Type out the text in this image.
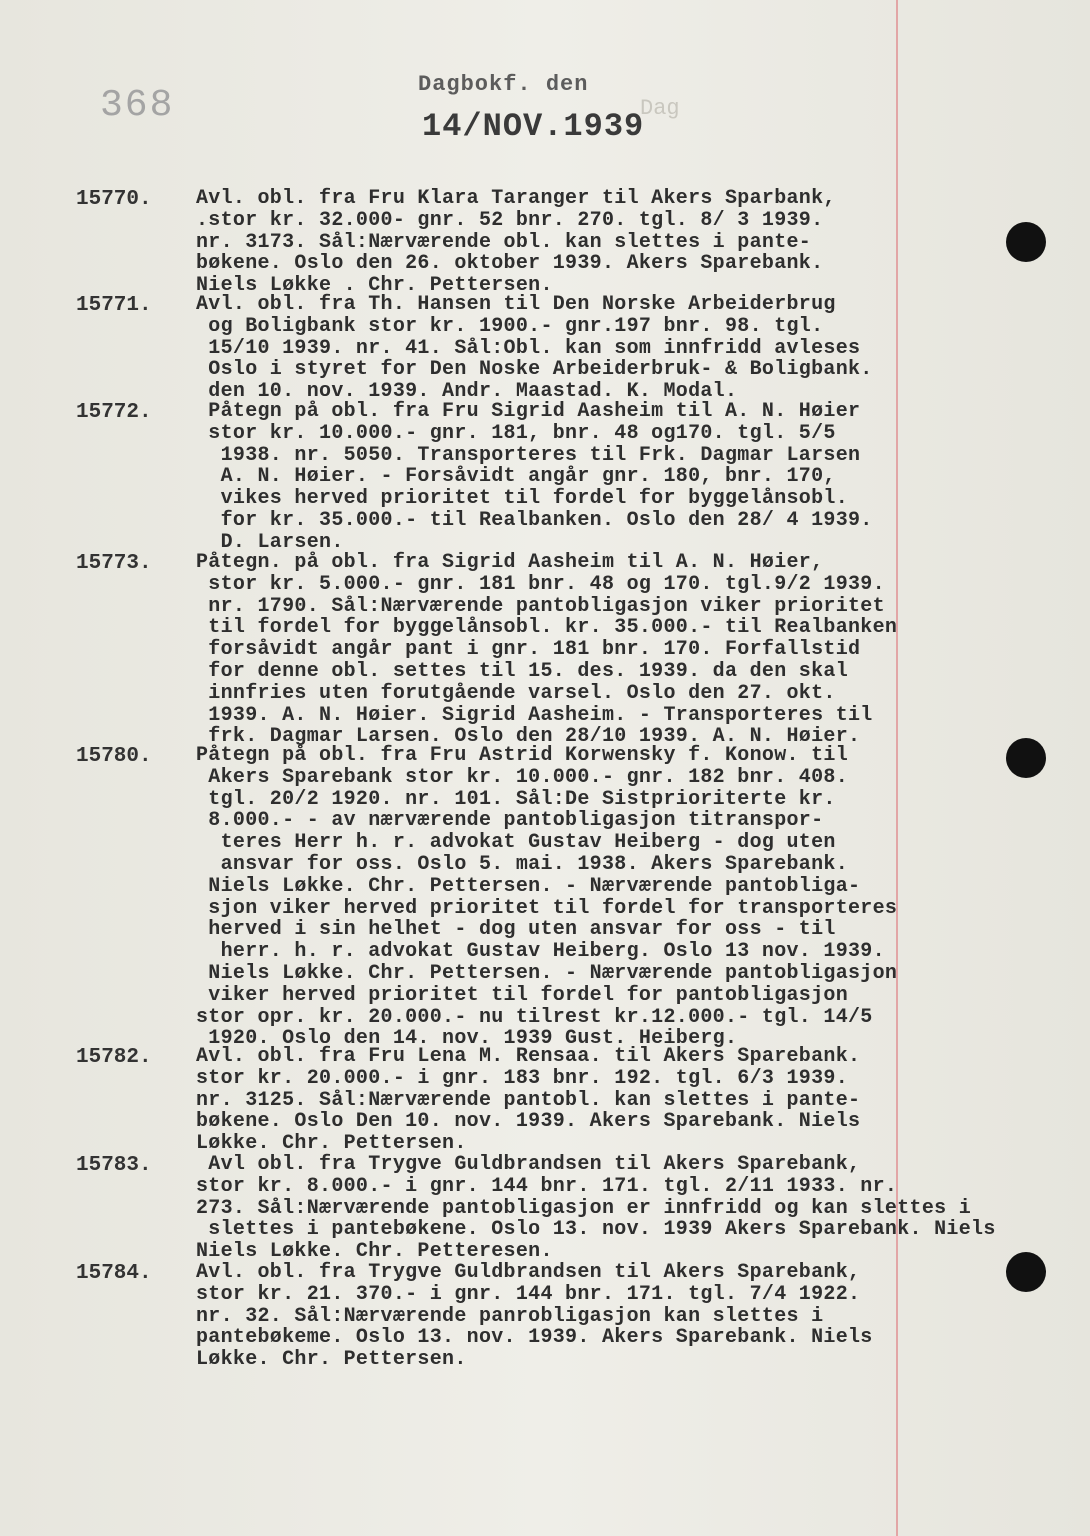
368	Dagbokf. den
14/NOV.1939
Dag
15770. Avl. obl. fra Fru Klara Taranger til Akers Sparbank,
.stor kr. 32.000- gnr. 52 bnr. 270. tgl. 8/ 3 1939.
nr. 3173. Sål:Nærværende obl. kan slettes i pante-
bøkene. Oslo den 26. oktober 1939. Akers Sparebank.
Niels Løkke . Chr. Pettersen.
15771. Avl. obl. fra Th. Hansen til Den Norske Arbeiderbrug
og Boligbank stor kr. 1900.- gnr.197 bnr. 98. tgl.
15/10 1939. nr. 41. Sål:Obl. kan som innfridd avleses
Oslo i styret for Den Noske Arbeiderbruk- & Boligbank.
den 10. nov. 1939. Andr. Maastad. K. Modal.
15772. Påtegn på obl. fra Fru Sigrid Aasheim til A. N. Høier
stor kr. 10.000.- gnr. 181, bnr. 48 og170. tgl. 5/5
1938. nr. 5050. Transporteres til Frk. Dagmar Larsen
A. N. Høier. - Forsåvidt angår gnr. 180, bnr. 170,
vikes herved prioritet til fordel for byggelånsobl.
for kr. 35.000.- til Realbanken. Oslo den 28/ 4 1939.
D. Larsen.
15773. Påtegn. på obl. fra Sigrid Aasheim til A. N. Høier,
stor kr. 5.000.- gnr. 181 bnr. 48 og 170. tgl.9/2 1939.
nr. 1790. Sål:Nærværende pantobligasjon viker prioritet
til fordel for byggelånsobl. kr. 35.000.- til Realbanken
forsåvidt angår pant i gnr. 181 bnr. 170. Forfallstid
for denne obl. settes til 15. des. 1939. da den skal
innfries uten forutgående varsel. Oslo den 27. okt.
1939. A. N. Høier. Sigrid Aasheim. - Transporteres til
frk. Dagmar Larsen. Oslo den 28/10 1939. A. N. Høier.
15780. Påtegn på obl. fra Fru Astrid Korwensky f. Konow. til
Akers Sparebank stor kr. 10.000.- gnr. 182 bnr. 408.
tgl. 20/2 1920. nr. 101. Sål:De Sistprioriterte kr.
8.000.- - av nærværende pantobligasjon titranspor-
teres Herr h. r. advokat Gustav Heiberg - dog uten
ansvar for oss. Oslo 5. mai. 1938. Akers Sparebank.
Niels Løkke. Chr. Pettersen. - Nærværende pantobliga-
sjon viker herved prioritet til fordel for transporteres
herved i sin helhet - dog uten ansvar for oss - til
herr. h. r. advokat Gustav Heiberg. Oslo 13 nov. 1939.
Niels Løkke. Chr. Pettersen. - Nærværende pantobligasjon
viker herved prioritet til fordel for pantobligasjon
stor opr. kr. 20.000.- nu tilrest kr.12.000.- tgl. 14/5
1920. Oslo den 14. nov. 1939 Gust. Heiberg.
15782. Avl. obl. fra Fru Lena M. Rensaa. til Akers Sparebank.
stor kr. 20.000.- i gnr. 183 bnr. 192. tgl. 6/3 1939.
nr. 3125. Sål:Nærværende pantobl. kan slettes i pante-
bøkene. Oslo Den 10. nov. 1939. Akers Sparebank. Niels
Løkke. Chr. Pettersen.
15783. Avl obl. fra Trygve Guldbrandsen til Akers Sparebank,
stor kr. 8.000.- i gnr. 144 bnr. 171. tgl. 2/11 1933. nr.
273. Sål:Nærværende pantobligasjon er innfridd og kan slettes i
slettes i pantebøkene. Oslo 13. nov. 1939 Akers Sparebank. Niels
Niels Løkke. Chr. Petteresen.
15784. Avl. obl. fra Trygve Guldbrandsen til Akers Sparebank,
stor kr. 21. 370.- i gnr. 144 bnr. 171. tgl. 7/4 1922.
nr. 32. Sål:Nærværende panrobligasjon kan slettes i
pantebøkeme. Oslo 13. nov. 1939. Akers Sparebank. Niels
Løkke. Chr. Pettersen.
